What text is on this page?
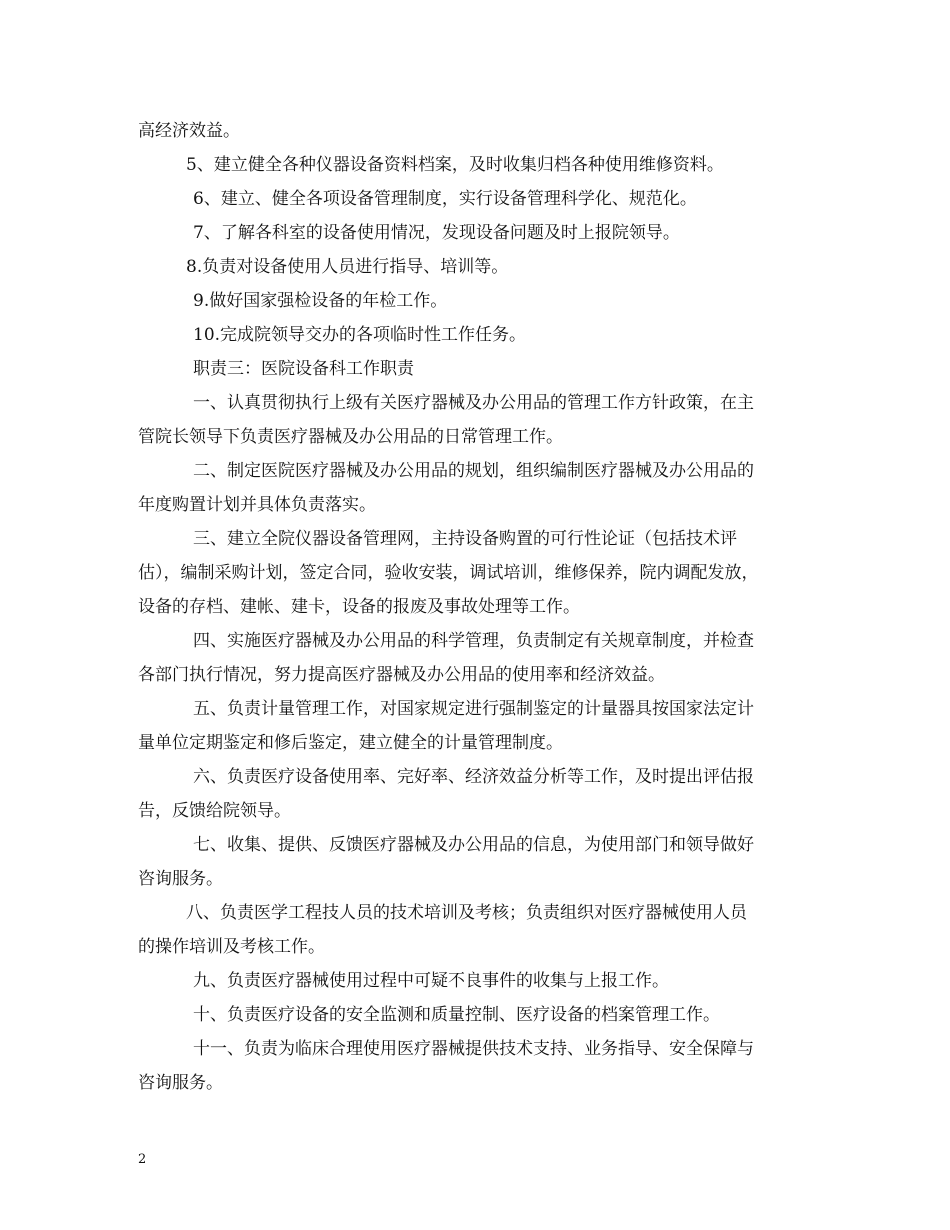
高经济效益。
5、建立健全各种仪器设备资料档案，及时收集归档各种使用维修资料。
6、建立、健全各项设备管理制度，实行设备管理科学化、规范化。
7、了解各科室的设备使用情况，发现设备问题及时上报院领导。
8.负责对设备使用人员进行指导、培训等。
9.做好国家强检设备的年检工作。
10.完成院领导交办的各项临时性工作任务。
职责三：医院设备科工作职责
一、认真贯彻执行上级有关医疗器械及办公用品的管理工作方针政策，在主
管院长领导下负责医疗器械及办公用品的日常管理工作。
二、制定医院医疗器械及办公用品的规划，组织编制医疗器械及办公用品的
年度购置计划并具体负责落实。
三、建立全院仪器设备管理网，主持设备购置的可行性论证（包括技术评
估），编制采购计划，签定合同，验收安装，调试培训，维修保养，院内调配发放，
设备的存档、建帐、建卡，设备的报废及事故处理等工作。
四、实施医疗器械及办公用品的科学管理，负责制定有关规章制度，并检查
各部门执行情况，努力提高医疗器械及办公用品的使用率和经济效益。
五、负责计量管理工作，对国家规定进行强制鉴定的计量器具按国家法定计
量单位定期鉴定和修后鉴定，建立健全的计量管理制度。
六、负责医疗设备使用率、完好率、经济效益分析等工作，及时提出评估报
告，反馈给院领导。
七、收集、提供、反馈医疗器械及办公用品的信息，为使用部门和领导做好
咨询服务。
八、负责医学工程技人员的技术培训及考核；负责组织对医疗器械使用人员
的操作培训及考核工作。
九、负责医疗器械使用过程中可疑不良事件的收集与上报工作。
十、负责医疗设备的安全监测和质量控制、医疗设备的档案管理工作。
十一、负责为临床合理使用医疗器械提供技术支持、业务指导、安全保障与
咨询服务。
2
